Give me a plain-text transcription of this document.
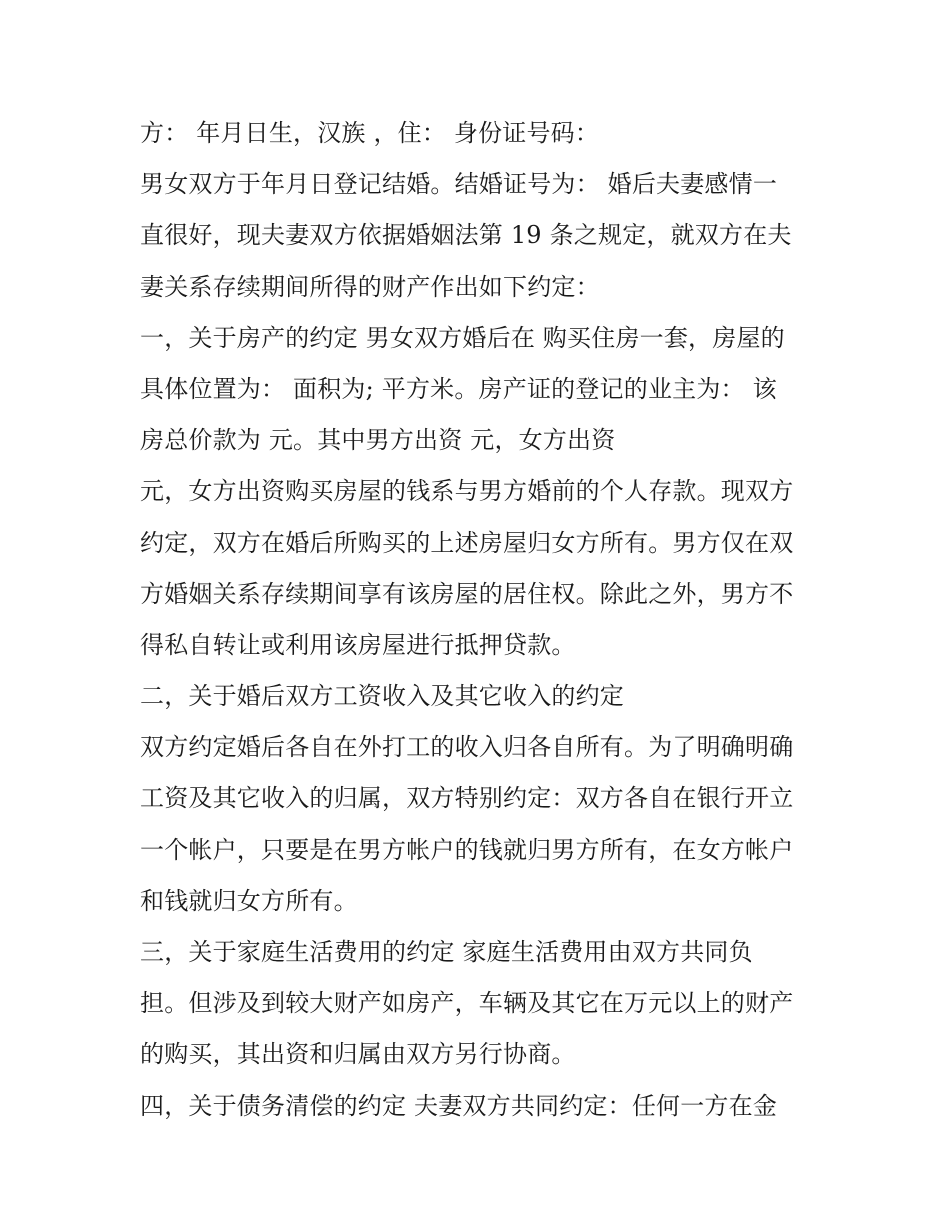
方： 年月日生，汉族 ，住： 身份证号码：
男女双方于年月日登记结婚。结婚证号为： 婚后夫妻感情一
直很好，现夫妻双方依据婚姻法第 19 条之规定，就双方在夫
妻关系存续期间所得的财产作出如下约定：
一，关于房产的约定 男女双方婚后在 购买住房一套，房屋的
具体位置为： 面积为; 平方米。房产证的登记的业主为： 该
房总价款为 元。其中男方出资 元，女方出资
元，女方出资购买房屋的钱系与男方婚前的个人存款。现双方
约定，双方在婚后所购买的上述房屋归女方所有。男方仅在双
方婚姻关系存续期间享有该房屋的居住权。除此之外，男方不
得私自转让或利用该房屋进行抵押贷款。
二，关于婚后双方工资收入及其它收入的约定
双方约定婚后各自在外打工的收入归各自所有。为了明确明确
工资及其它收入的归属，双方特别约定：双方各自在银行开立
一个帐户，只要是在男方帐户的钱就归男方所有，在女方帐户
和钱就归女方所有。
三，关于家庭生活费用的约定 家庭生活费用由双方共同负
担。但涉及到较大财产如房产，车辆及其它在万元以上的财产
的购买，其出资和归属由双方另行协商。
四，关于债务清偿的约定 夫妻双方共同约定：任何一方在金
